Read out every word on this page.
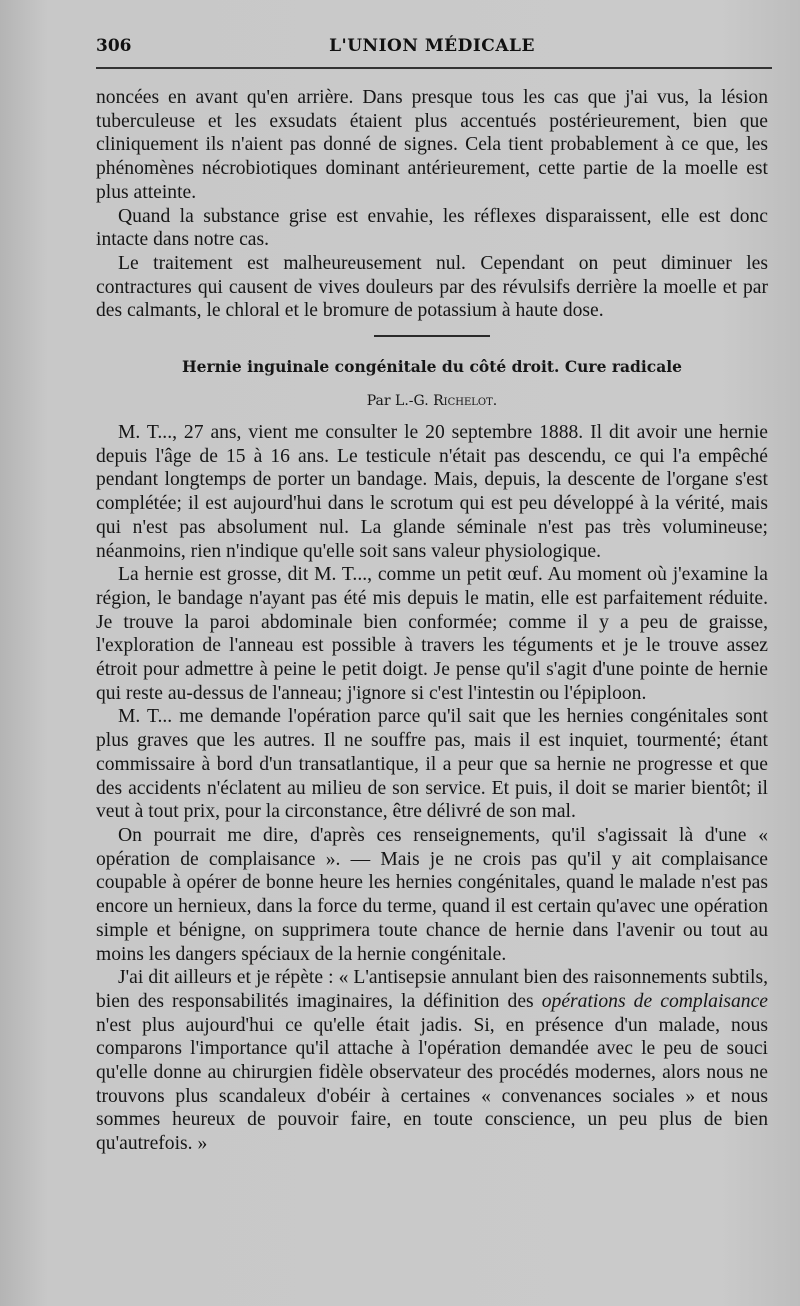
306	L'UNION MÉDICALE

noncées en avant qu'en arrière. Dans presque tous les cas que j'ai vus, la lésion tuberculeuse et les exsudats étaient plus accentués postérieurement, bien que cliniquement ils n'aient pas donné de signes. Cela tient probablement à ce que, les phénomènes nécrobiotiques dominant antérieurement, cette partie de la moelle est plus atteinte.

Quand la substance grise est envahie, les réflexes disparaissent, elle est donc intacte dans notre cas.

Le traitement est malheureusement nul. Cependant on peut diminuer les contractures qui causent de vives douleurs par des révulsifs derrière la moelle et par des calmants, le chloral et le bromure de potassium à haute dose.

Hernie inguinale congénitale du côté droit. Cure radicale
Par L.-G. Richelot.

M. T..., 27 ans, vient me consulter le 20 septembre 1888. Il dit avoir une hernie depuis l'âge de 15 à 16 ans. Le testicule n'était pas descendu, ce qui l'a empêché pendant longtemps de porter un bandage. Mais, depuis, la descente de l'organe s'est complétée; il est aujourd'hui dans le scrotum qui est peu développé à la vérité, mais qui n'est pas absolument nul. La glande séminale n'est pas très volumineuse; néanmoins, rien n'indique qu'elle soit sans valeur physiologique.

La hernie est grosse, dit M. T..., comme un petit œuf. Au moment où j'examine la région, le bandage n'ayant pas été mis depuis le matin, elle est parfaitement réduite. Je trouve la paroi abdominale bien conformée; comme il y a peu de graisse, l'exploration de l'anneau est possible à travers les téguments et je le trouve assez étroit pour admettre à peine le petit doigt. Je pense qu'il s'agit d'une pointe de hernie qui reste au-dessus de l'anneau; j'ignore si c'est l'intestin ou l'épiploon.

M. T... me demande l'opération parce qu'il sait que les hernies congénitales sont plus graves que les autres. Il ne souffre pas, mais il est inquiet, tourmenté; étant commissaire à bord d'un transatlantique, il a peur que sa hernie ne progresse et que des accidents n'éclatent au milieu de son service. Et puis, il doit se marier bientôt; il veut à tout prix, pour la circonstance, être délivré de son mal.

On pourrait me dire, d'après ces renseignements, qu'il s'agissait là d'une « opération de complaisance ». — Mais je ne crois pas qu'il y ait complaisance coupable à opérer de bonne heure les hernies congénitales, quand le malade n'est pas encore un hernieux, dans la force du terme, quand il est certain qu'avec une opération simple et bénigne, on supprimera toute chance de hernie dans l'avenir ou tout au moins les dangers spéciaux de la hernie congénitale.

J'ai dit ailleurs et je répète : « L'antisepsie annulant bien des raisonnements subtils, bien des responsabilités imaginaires, la définition des opérations de complaisance n'est plus aujourd'hui ce qu'elle était jadis. Si, en présence d'un malade, nous comparons l'importance qu'il attache à l'opération demandée avec le peu de souci qu'elle donne au chirurgien fidèle observateur des procédés modernes, alors nous ne trouvons plus scandaleux d'obéir à certaines « convenances sociales » et nous sommes heureux de pouvoir faire, en toute conscience, un peu plus de bien qu'autrefois. »
